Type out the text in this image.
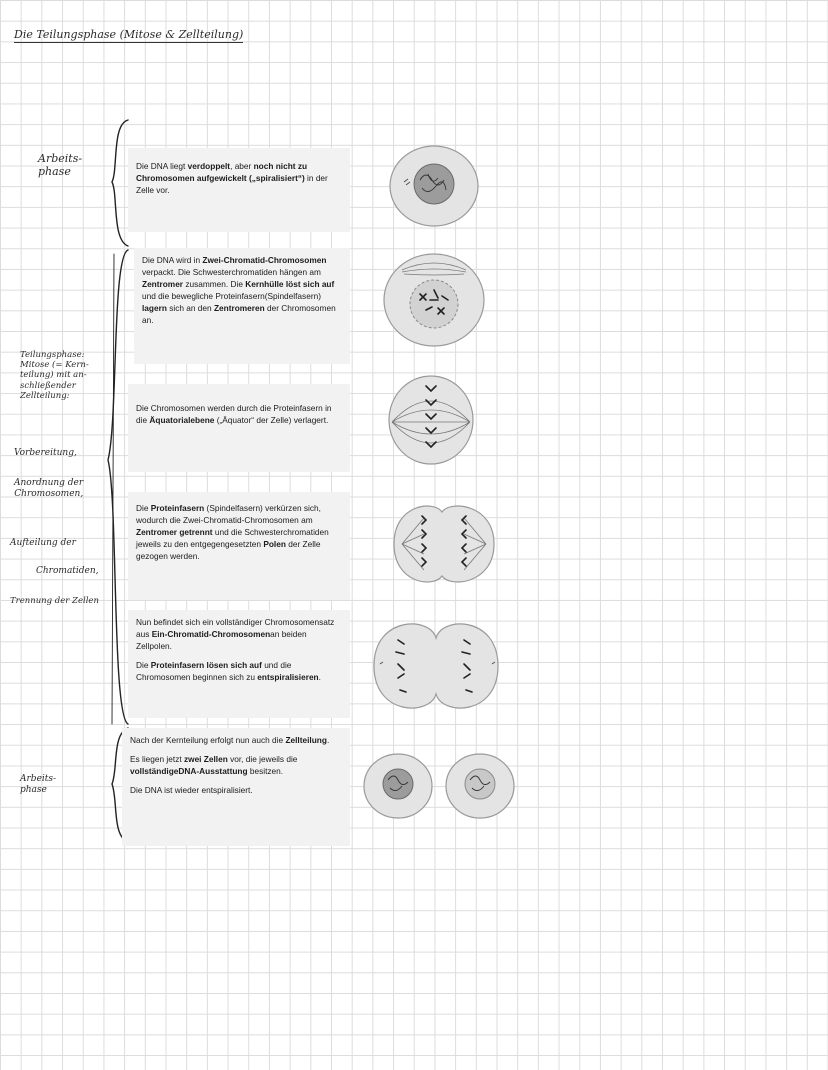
Die Teilungsphase (Mitose & Zellteilung)
Arbeits-
phase
Teilungsphase:
Mitose (= Kern-
teilung) mit an-
schließender
Zellteilung:
Vorbereitung,
Anordnung der
Chromosomen,
Aufteilung der
Chromatiden,
Trennung der Zellen
Arbeits-
phase

Die DNA liegt verdoppelt, aber noch nicht zu Chromosomen aufgewickelt („spiralisiert“) in der Zelle vor.

Die DNA wird in Zwei-Chromatid-Chromosomen verpackt. Die Schwesterchromatiden hängen am Zentromer zusammen. Die Kernhülle löst sich auf und die bewegliche Proteinfasern(Spindelfasern) lagern sich an den Zentromeren der Chromosomen an.

Die Chromosomen werden durch die Proteinfasern in die Äquatorialebene („Äquator“ der Zelle) verlagert.

Die Proteinfasern (Spindelfasern) verkürzen sich, wodurch die Zwei-Chromatid-Chromosomen am Zentromer getrennt und die Schwesterchromatiden jeweils zu den entgegengesetzten Polen der Zelle gezogen werden.

Nun befindet sich ein vollständiger Chromosomensatz aus Ein-Chromatid-Chromosomenan beiden Zellpolen.

Die Proteinfasern lösen sich auf und die Chromosomen beginnen sich zu entspiralisieren.

Nach der Kernteilung erfolgt nun auch die Zellteilung.

Es liegen jetzt zwei Zellen vor, die jeweils die vollständigeDNA-Ausstattung besitzen.

Die DNA ist wieder entspiralisiert.
